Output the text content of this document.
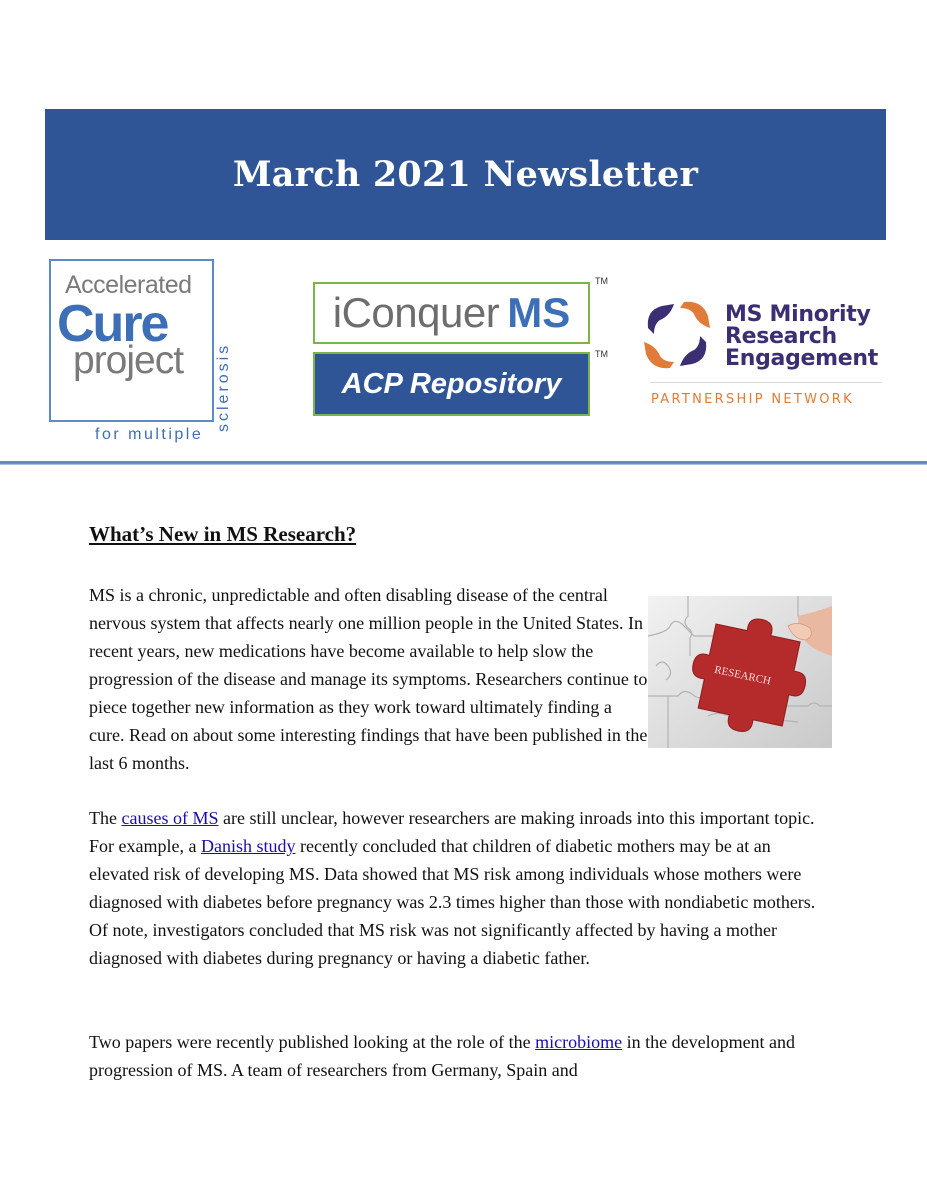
March 2021 Newsletter
Accelerated
Cure
project sclerosis
for multiple
iConquer MS
TM
ACP Repository
TM
MS Minority
Research
Engagement
PARTNERSHIP NETWORK
What’s New in MS Research?

MS is a chronic, unpredictable and often disabling disease of the central nervous system that affects nearly one million people in the United States. In recent years, new medications have become available to help slow the progression of the disease and manage its symptoms. Researchers continue to piece together new information as they work toward ultimately finding a cure. Read on about some interesting findings that have been published in the last 6 months.

RESEARCH

The causes of MS are still unclear, however researchers are making inroads into this important topic. For example, a Danish study recently concluded that children of diabetic mothers may be at an elevated risk of developing MS. Data showed that MS risk among individuals whose mothers were diagnosed with diabetes before pregnancy was 2.3 times higher than those with nondiabetic mothers. Of note, investigators concluded that MS risk was not significantly affected by having a mother diagnosed with diabetes during pregnancy or having a diabetic father.

Two papers were recently published looking at the role of the microbiome in the development and progression of MS. A team of researchers from Germany, Spain and
